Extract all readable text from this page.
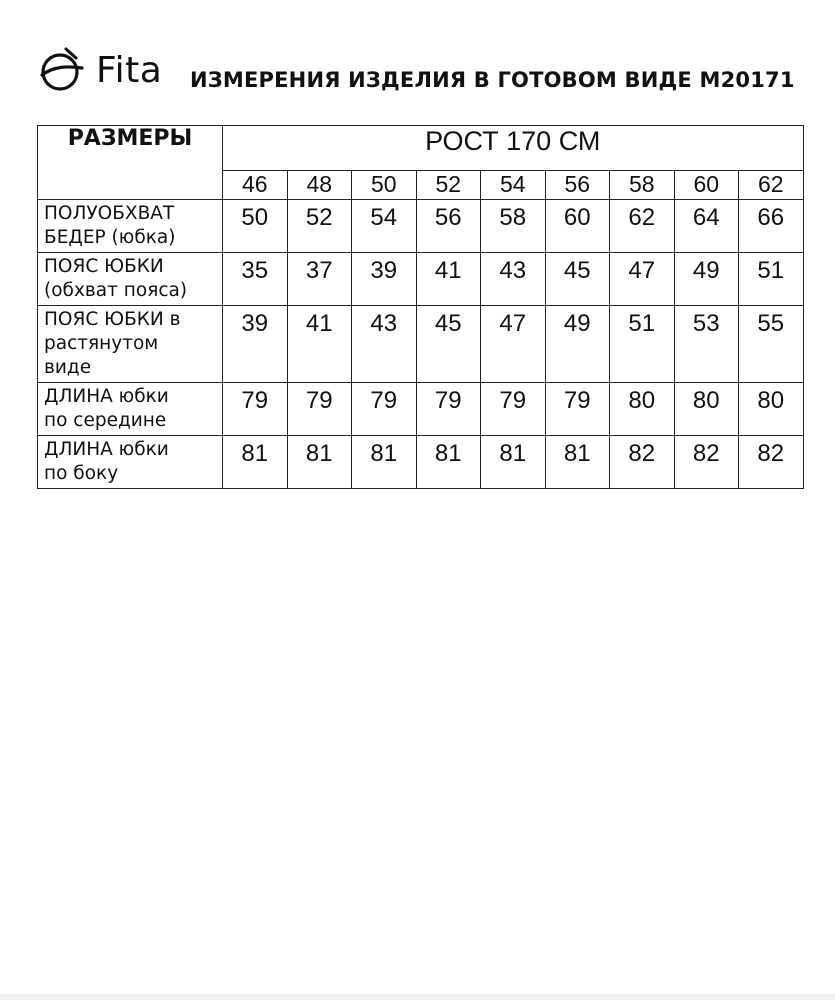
Fita ИЗМЕРЕНИЯ ИЗДЕЛИЯ В ГОТОВОМ ВИДЕ М20171
РАЗМЕРЫ	РОСТ 170 СМ								
	46	48	50	52	54	56	58	60	62

ПОЛУОБХВАТ
БЕДЕР (юбка)	50	52	54	56	58	60	62	64	66

ПОЯС ЮБКИ
(обхват пояса)	35	37	39	41	43	45	47	49	51

ПОЯС ЮБКИ в
растянутом
виде	39	41	43	45	47	49	51	53	55

ДЛИНА юбки
по середине	79	79	79	79	79	79	80	80	80

ДЛИНА юбки
по боку	81	81	81	81	81	81	82	82	82
